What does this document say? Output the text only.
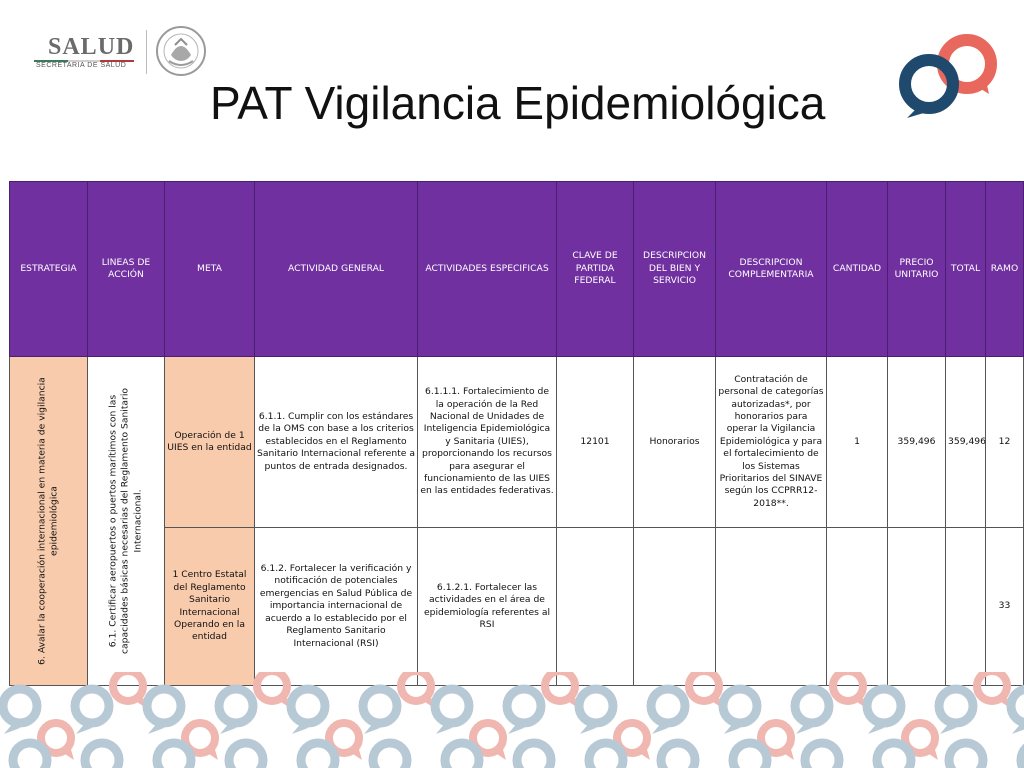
SALUD
SECRETARÍA DE SALUD
PAT Vigilancia Epidemiológica
ESTRATEGIA	LINEAS DE ACCIÓN	META	ACTIVIDAD GENERAL	ACTIVIDADES ESPECIFICAS	CLAVE DE PARTIDA FEDERAL	DESCRIPCION DEL BIEN Y SERVICIO	DESCRIPCION COMPLEMENTARIA	CANTIDAD	PRECIO UNITARIO	TOTAL	RAMO

6. Avalar la cooperación internacional en materia de vigilancia epidemiológica	6.1. Certificar aeropuertos o puertos marítimos con las capacidades básicas necesarias del Reglamento Sanitario Internacional.	Operación de 1 UIES en la entidad	6.1.1. Cumplir con los estándares de la OMS con base a los criterios establecidos en el Reglamento Sanitario Internacional referente a puntos de entrada designados.	6.1.1.1. Fortalecimiento de la operación de la Red Nacional de Unidades de Inteligencia Epidemiológica y Sanitaria (UIES), proporcionando los recursos para asegurar el funcionamiento de las UIES en las entidades federativas.	12101	Honorarios	Contratación de personal de categorías autorizadas*, por honorarios para operar la Vigilancia Epidemiológica y para el fortalecimiento de los Sistemas Prioritarios del SINAVE según los CCPRR12-2018**.	1	359,496	359,496	12
		1 Centro Estatal del Reglamento Sanitario Internacional Operando en la entidad	6.1.2. Fortalecer la verificación y notificación de potenciales emergencias en Salud Pública de importancia internacional de acuerdo a lo establecido por el Reglamento Sanitario Internacional (RSI)	6.1.2.1. Fortalecer las actividades en el área de epidemiología referentes al RSI							33
